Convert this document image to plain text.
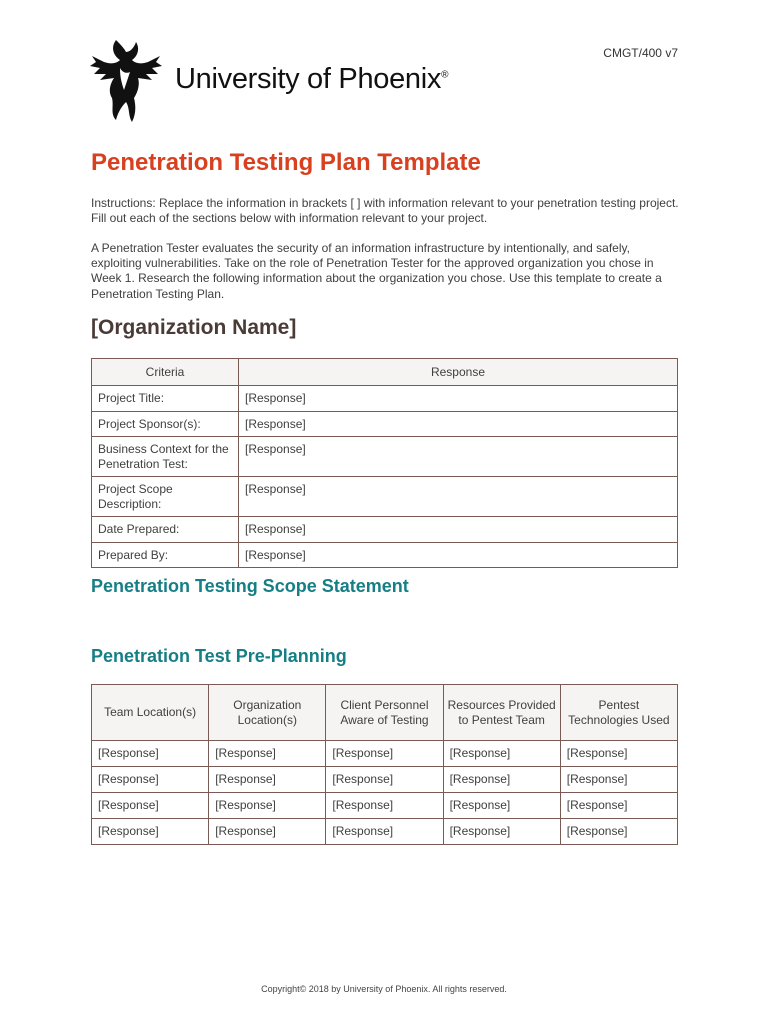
CMGT/400 v7
University of Phoenix®
Penetration Testing Plan Template

Instructions: Replace the information in brackets [ ] with information relevant to your penetration testing project. Fill out each of the sections below with information relevant to your project.

A Penetration Tester evaluates the security of an information infrastructure by intentionally, and safely, exploiting vulnerabilities. Take on the role of Penetration Tester for the approved organization you chose in Week 1. Research the following information about the organization you chose. Use this template to create a Penetration Testing Plan.

[Organization Name]
Criteria	Response
Project Title:	[Response]
Project Sponsor(s):	[Response]
Business Context for the Penetration Test:	[Response]
Project Scope Description:	[Response]
Date Prepared:	[Response]
Prepared By:	[Response]
Penetration Testing Scope Statement
Penetration Test Pre-Planning
Team Location(s)	Organization Location(s)	Client Personnel Aware of Testing	Resources Provided to Pentest Team	Pentest Technologies Used
[Response]	[Response]	[Response]	[Response]	[Response]
[Response]	[Response]	[Response]	[Response]	[Response]
[Response]	[Response]	[Response]	[Response]	[Response]
[Response]	[Response]	[Response]	[Response]	[Response]
Copyright© 2018 by University of Phoenix. All rights reserved.
